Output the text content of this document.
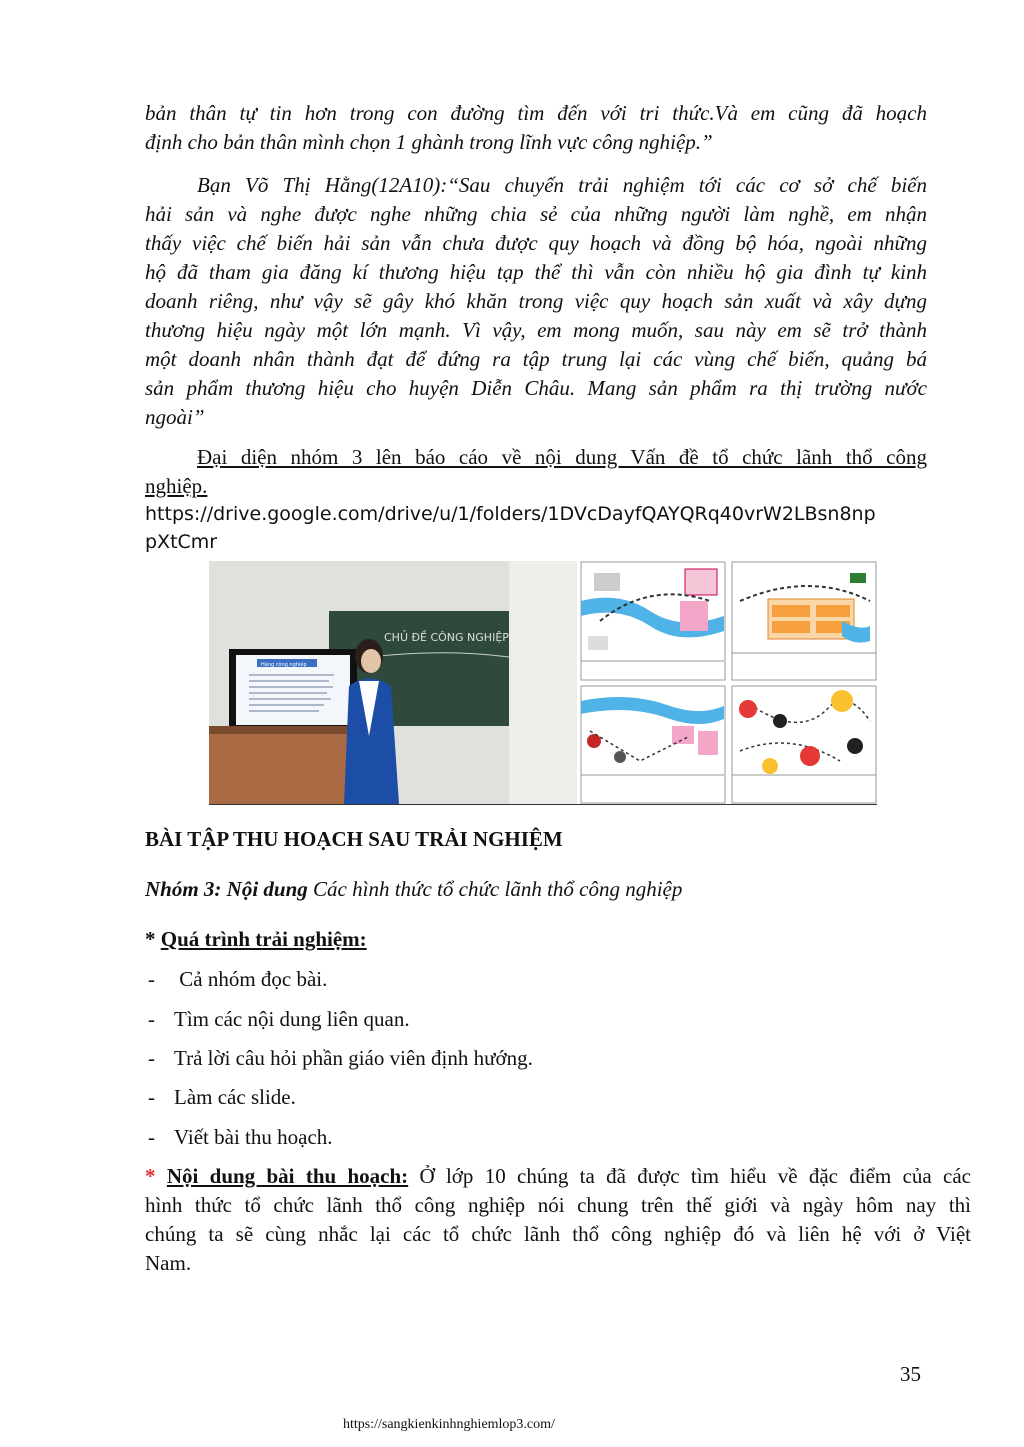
bản thân tự tin hơn trong con đường tìm đến với tri thức.Và em cũng đã hoạch
định cho bản thân mình chọn 1 ghành trong lĩnh vực công nghiệp.”
Bạn Võ Thị Hằng(12A10):“Sau chuyến trải nghiệm tới các cơ sở chế biến
hải sản và nghe được nghe những chia sẻ của những người làm nghề, em nhận
thấy việc chế biến hải sản vẫn chưa được quy hoạch và đồng bộ hóa, ngoài những
hộ đã tham gia đăng kí thương hiệu tạp thể thì vẫn còn nhiều hộ gia đình tự kinh
doanh riêng, như vậy sẽ gây khó khăn trong việc quy hoạch sản xuất và xây dựng
thương hiệu ngày một lớn mạnh. Vì vậy, em mong muốn, sau này em sẽ trở thành
một doanh nhân thành đạt để đứng ra tập trung lại các vùng chế biến, quảng bá
sản phẩm thương hiệu cho huyện Diễn Châu. Mang sản phẩm ra thị trường nước
ngoài”
Đại diện nhóm 3 lên báo cáo về nội dung Vấn đề tổ chức lãnh thổ công
nghiệp.
https://drive.google.com/drive/u/1/folders/1DVcDayfQAYQRq40vrW2LBsn8np
pXtCmr
CHỦ ĐỀ CÔNG NGHIỆP
Hãng công nghiệp
BÀI TẬP THU HOẠCH SAU TRẢI NGHIỆM
Nhóm 3: Nội dung Các hình thức tổ chức lãnh thổ công nghiệp
* Quá trình trải nghiệm:
- Cả nhóm đọc bài.
- Tìm các nội dung liên quan.
- Trả lời câu hỏi phần giáo viên định hướng.
- Làm các slide.
- Viết bài thu hoạch.
* Nội dung bài thu hoạch: Ở lớp 10 chúng ta đã được tìm hiểu về đặc điểm của các
hình thức tổ chức lãnh thổ công nghiệp nói chung trên thế giới và ngày hôm nay thì
chúng ta sẽ cùng nhắc lại các tổ chức lãnh thổ công nghiệp đó và liên hệ với ở Việt
Nam.
35
https://sangkienkinhnghiemlop3.com/
